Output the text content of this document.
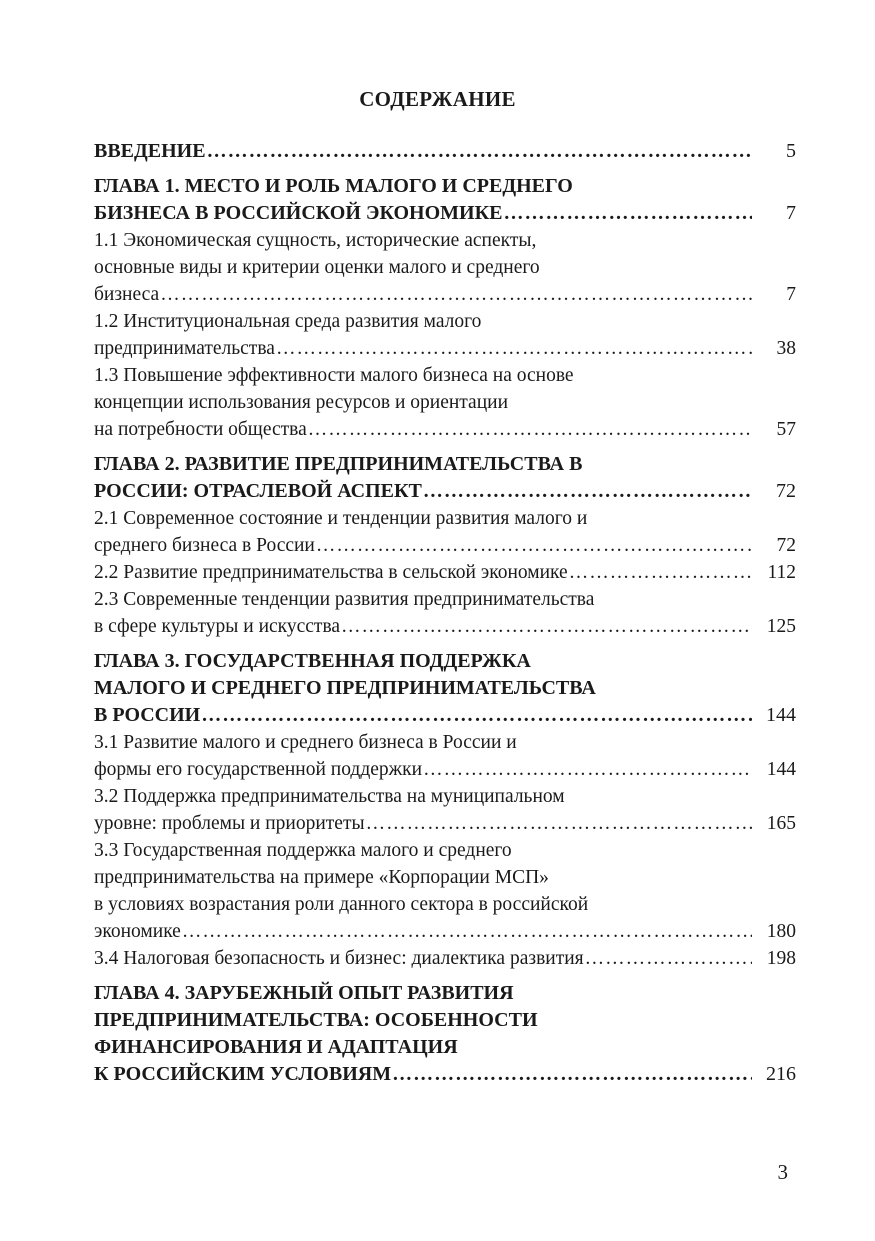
СОДЕРЖАНИЕ
ВВЕДЕНИЕ …………………………………………………………………………………………………………………………………………	5
ГЛАВА 1. МЕСТО И РОЛЬ МАЛОГО И СРЕДНЕГО
БИЗНЕСА В РОССИЙСКОЙ ЭКОНОМИКЕ …………………………………………………………………………………………………………………………………………	7
1.1 Экономическая сущность, исторические аспекты,
основные виды и критерии оценки малого и среднего
бизнеса ……………………………………………………………………………………………………………………………………	7
1.2 Институциональная среда развития малого
предпринимательства ……………………………………………………………………………………………………………………………………	38
1.3 Повышение эффективности малого бизнеса на основе
концепции использования ресурсов и ориентации
на потребности общества ……………………………………………………………………………………………………………………………………	57
ГЛАВА 2. РАЗВИТИЕ ПРЕДПРИНИМАТЕЛЬСТВА В
РОССИИ: ОТРАСЛЕВОЙ АСПЕКТ …………………………………………………………………………………………………………………………………………	72
2.1 Современное состояние и тенденции развития малого и
среднего бизнеса в России ……………………………………………………………………………………………………………………………………	72
2.2 Развитие предпринимательства в сельской экономике ……………………………………………………………………………………………………………………………………	112
2.3 Современные тенденции развития предпринимательства
в сфере культуры и искусства ……………………………………………………………………………………………………………………………………	125
ГЛАВА 3. ГОСУДАРСТВЕННАЯ ПОДДЕРЖКА
МАЛОГО И СРЕДНЕГО ПРЕДПРИНИМАТЕЛЬСТВА
В РОССИИ …………………………………………………………………………………………………………………………………………	144
3.1 Развитие малого и среднего бизнеса в России и
формы его государственной поддержки ……………………………………………………………………………………………………………………………………	144
3.2 Поддержка предпринимательства на муниципальном
уровне: проблемы и приоритеты ……………………………………………………………………………………………………………………………………	165
3.3 Государственная поддержка малого и среднего
предпринимательства на примере «Корпорации МСП»
в условиях возрастания роли данного сектора в российской
экономике ……………………………………………………………………………………………………………………………………	180
3.4 Налоговая безопасность и бизнес: диалектика развития ……………………………………………………………………………………………………………………………………	198
ГЛАВА 4. ЗАРУБЕЖНЫЙ ОПЫТ РАЗВИТИЯ
ПРЕДПРИНИМАТЕЛЬСТВА: ОСОБЕННОСТИ
ФИНАНСИРОВАНИЯ И АДАПТАЦИЯ
К РОССИЙСКИМ УСЛОВИЯМ …………………………………………………………………………………………………………………………………………	216
3
